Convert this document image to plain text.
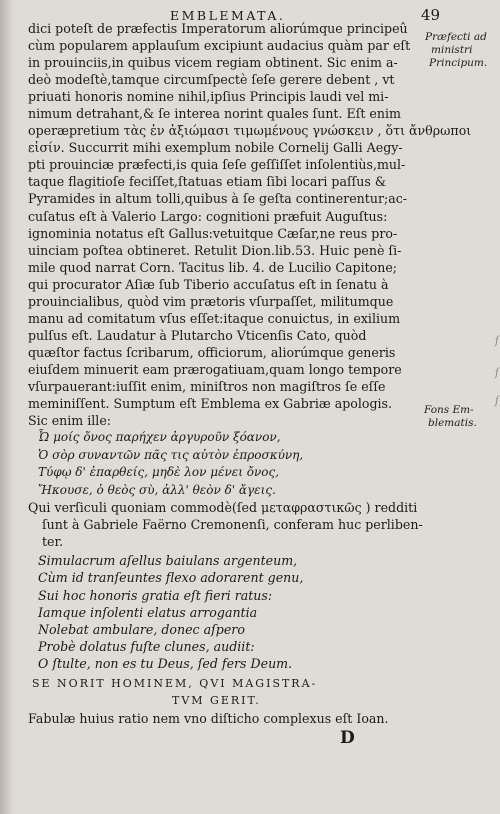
EMBLEMATA.	49
Præfecti ad
ministri
Principum.
Fons Em-
blematis.
dici poteſt de præfectis Imperatorum aliorúmque principeû
cùm popularem applauſum excipiunt audacius quàm par eſt
in prouinciis,in quibus vicem regiam obtinent. Sic enim a-
deò modeſtè,tamque circumſpectè ſeſe gerere debent , vt
priuati honoris nomine nihil,ipſius Principis laudi vel mi-
nimum detrahant,& ſe interea norint quales ſunt. Eſt enim
operæpretium τὰς ἐν ἀξιώμασι τιμωμένους γνώσκειν , ὅτι ἄνθρωποι
εἰσίν. Succurrit mihi exemplum nobile Cornelij Galli Aegy-
pti prouinciæ præfecti,is quia ſeſe geſſiſſet inſolentiùs,mul-
taque flagitioſe feciſſet,ſtatuas etiam ſibi locari paſſus &
Pyramides in altum tolli,quibus à ſe geſta continerentur;ac-
cuſatus eſt à Valerio Largo: cognitioni præfuit Auguſtus:
ignominia notatus eſt Gallus:vetuitque Cæſar,ne reus pro-
uinciam poſtea obtineret. Retulit Dion.lib.53. Huic penè ſi-
mile quod narrat Corn. Tacitus lib. 4. de Lucilio Capitone;
qui procurator Aſiæ ſub Tiberio accuſatus eſt in ſenatu à
prouincialibus, quòd vim prætoris vſurpaſſet, militumque
manu ad comitatum vſus eſſet:itaque conuictus, in exilium
pulſus eſt. Laudatur à Plutarcho Vticenſis Cato, quòd
quæſtor factus ſcribarum, officiorum, aliorúmque generis
eiuſdem minuerit eam prærogatiuam,quam longo tempore
vſurpauerant:iuſſit enim, miniſtros non magiſtros ſe eſſe
meminiſſent. Sumptum eſt Emblema ex Gabriæ apologis.
Sic enim ille:
Ὦ μοίς ὄνος παρήχεν ἀργυροῦν ξόανον,
Ὁ σὸρ συναντῶν πᾶς τις αὐτὸν ἐπροσκύνη,
Τύφῳ δ' ἐπαρθείς, μηδὲ λον μένει ὄνος,
Ἤκουσε, ὁ θεὸς σὺ, ἀλλ' θεὸν δ' ἄγεις.
Qui verſiculi quoniam commodè(ſed μεταφραστικῶς ) redditi
ſunt à Gabriele Faërno Cremonenſi, conferam huc perliben-
ter.
Simulacrum aſellus baiulans argenteum,
Cùm id tranſeuntes flexo adorarent genu,
Sui hoc honoris gratia eſt fieri ratus:
Iamque inſolenti elatus arrogantia
Nolebat ambulare, donec aſpero
Probè dolatus fuſte clunes, audiit:
O ſtulte, non es tu Deus, ſed fers Deum.
SE NORIT HOMINEM, QVI MAGISTRA-
TVM GERIT.
Fabulæ huius ratio nem vno diſticho complexus eſt Ioan.
D
ſ
ſ
ſ
